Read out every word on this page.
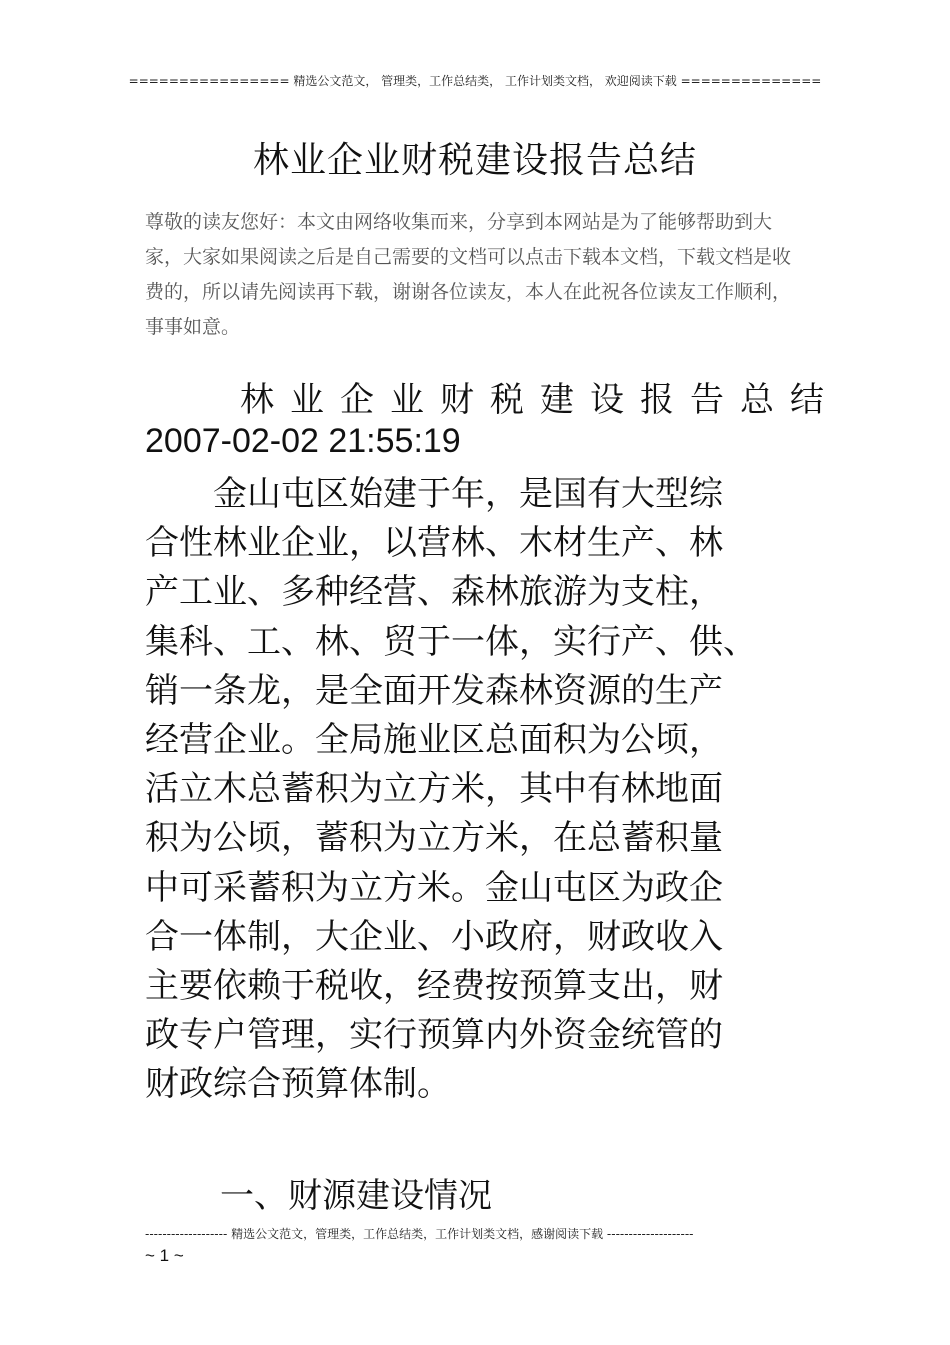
================ 精选公文范文， 管理类，工作总结类， 工作计划类文档， 欢迎阅读下载 ==============
林业企业财税建设报告总结
尊敬的读友您好：本文由网络收集而来，分享到本网站是为了能够帮助到大家，大家如果阅读之后是自己需要的文档可以点击下载本文档，下载文档是收费的，所以请先阅读再下载，谢谢各位读友，本人在此祝各位读友工作顺利，事事如意。
林业企业财税建设报告总结
2007-02-02 21:55:19
　　金山屯区始建于年，是国有大型综
合性林业企业，以营林、木材生产、林
产工业、多种经营、森林旅游为支柱，
集科、工、林、贸于一体，实行产、供、
销一条龙，是全面开发森林资源的生产
经营企业。全局施业区总面积为公顷，
活立木总蓄积为立方米，其中有林地面
积为公顷，蓄积为立方米，在总蓄积量
中可采蓄积为立方米。金山屯区为政企
合一体制，大企业、小政府，财政收入
主要依赖于税收，经费按预算支出，财
政专户管理，实行预算内外资金统管的
财政综合预算体制。
一、财源建设情况
------------------- 精选公文范文，管理类，工作总结类，工作计划类文档，感谢阅读下载 --------------------
~ 1 ~
